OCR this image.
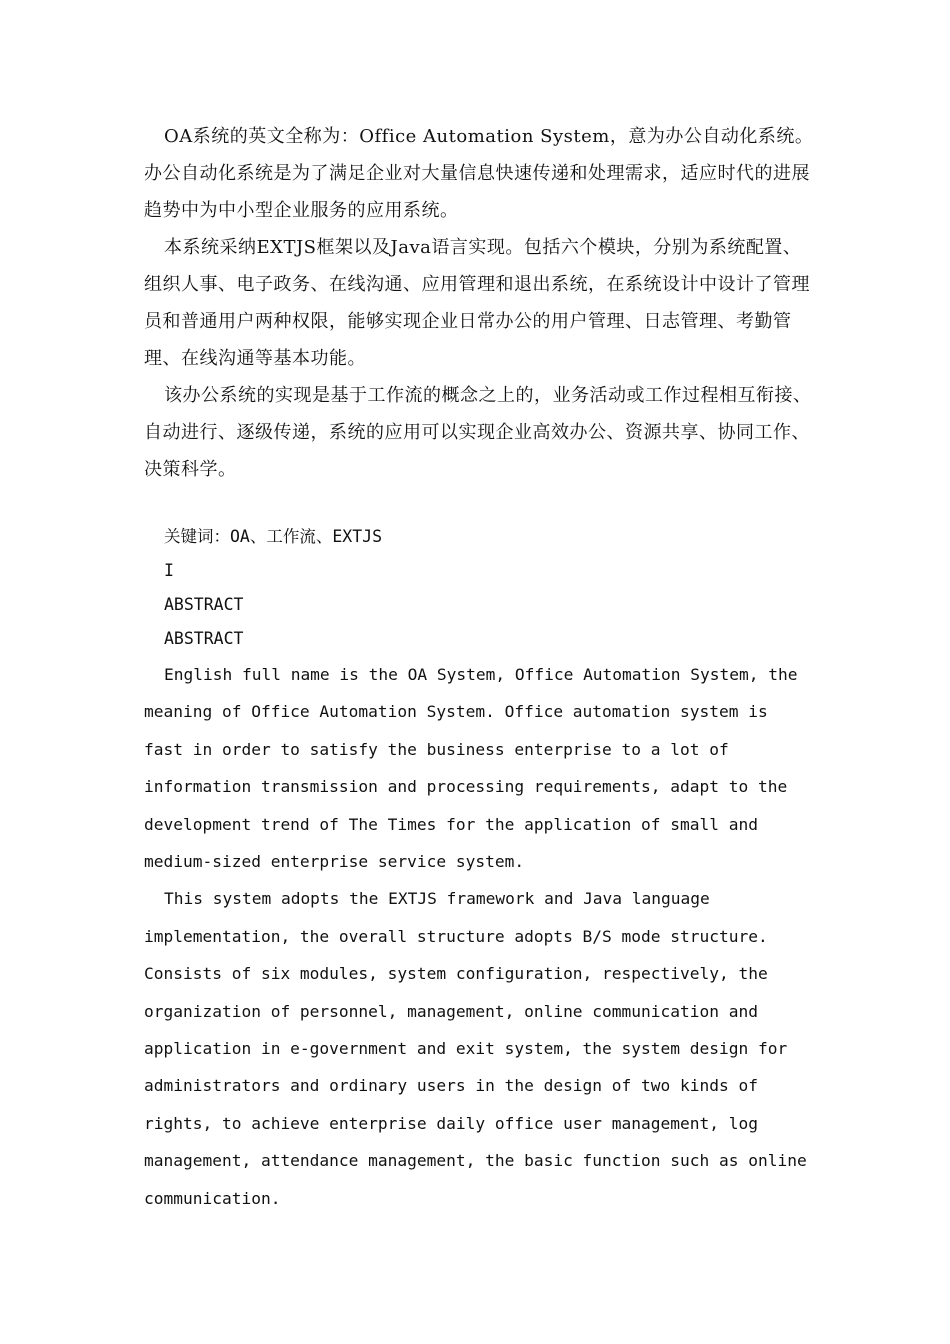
OA系统的英文全称为：Office Automation System，意为办公自动化系统。办公自动化系统是为了满足企业对大量信息快速传递和处理需求，适应时代的进展趋势中为中小型企业服务的应用系统。

本系统采纳EXTJS框架以及Java语言实现。包括六个模块，分别为系统配置、组织人事、电子政务、在线沟通、应用管理和退出系统，在系统设计中设计了管理员和普通用户两种权限，能够实现企业日常办公的用户管理、日志管理、考勤管理、在线沟通等基本功能。

该办公系统的实现是基于工作流的概念之上的，业务活动或工作过程相互衔接、自动进行、逐级传递，系统的应用可以实现企业高效办公、资源共享、协同工作、决策科学。

关键词：OA、工作流、EXTJS

I

ABSTRACT

ABSTRACT

English full name is the OA System, Office Automation System, the meaning of Office Automation System. Office automation system is fast in order to satisfy the business enterprise to a lot of information transmission and processing requirements, adapt to the development trend of The Times for the application of small and medium-sized enterprise service system.

This system adopts the EXTJS framework and Java language implementation, the overall structure adopts B/S mode structure. Consists of six modules, system configuration, respectively, the organization of personnel, management, online communication and application in e-government and exit system, the system design for administrators and ordinary users in the design of two kinds of rights, to achieve enterprise daily office user management, log management, attendance management, the basic function such as online communication.
